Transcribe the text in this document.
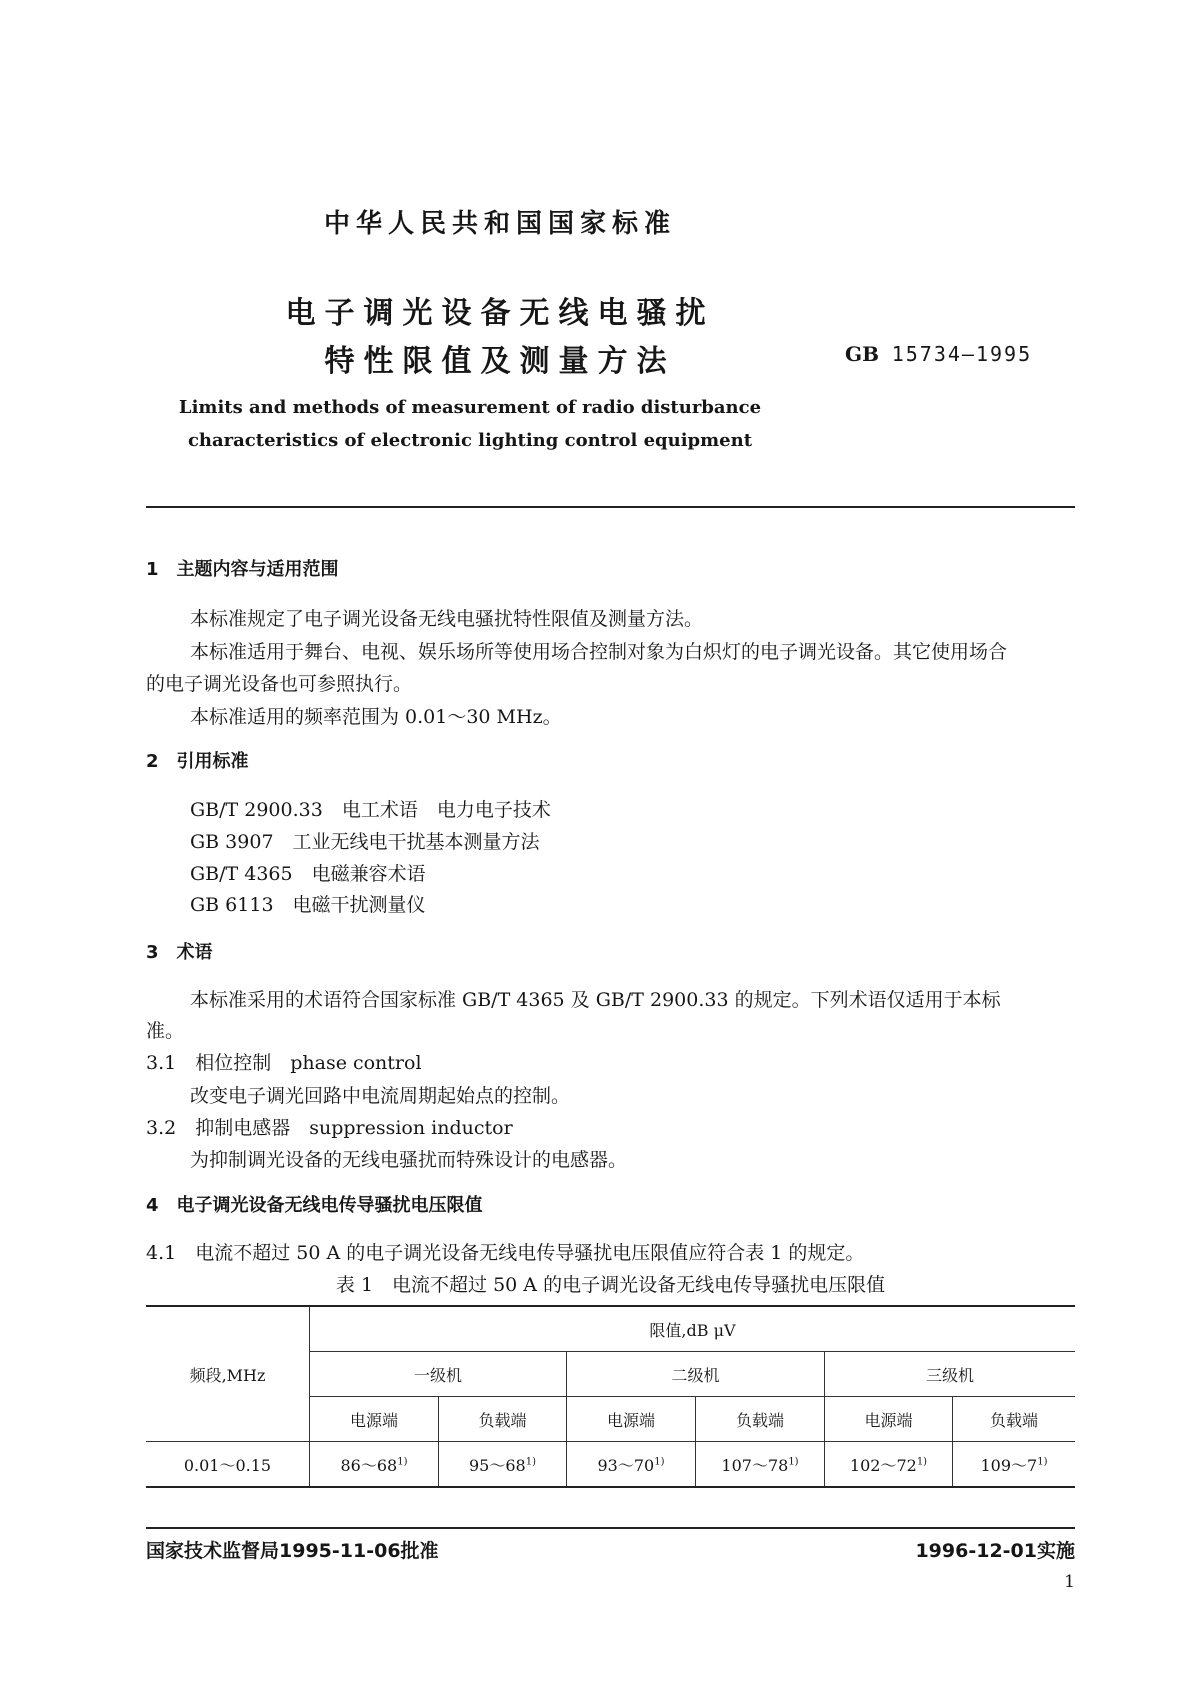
中华人民共和国国家标准
电子调光设备无线电骚扰
特性限值及测量方法	GB 15734—1995
Limits and methods of measurement of radio disturbance
characteristics of electronic lighting control equipment
1　主题内容与适用范围
本标准规定了电子调光设备无线电骚扰特性限值及测量方法。
本标准适用于舞台、电视、娱乐场所等使用场合控制对象为白炽灯的电子调光设备。其它使用场合
的电子调光设备也可参照执行。
本标准适用的频率范围为 0.01～30 MHz。
2　引用标准
GB/T 2900.33　电工术语　电力电子技术
GB 3907　工业无线电干扰基本测量方法
GB/T 4365　电磁兼容术语
GB 6113　电磁干扰测量仪
3　术语
本标准采用的术语符合国家标准 GB/T 4365 及 GB/T 2900.33 的规定。下列术语仅适用于本标
准。
3.1　相位控制　phase control
改变电子调光回路中电流周期起始点的控制。
3.2　抑制电感器　suppression inductor
为抑制调光设备的无线电骚扰而特殊设计的电感器。
4　电子调光设备无线电传导骚扰电压限值
4.1　电流不超过 50 A 的电子调光设备无线电传导骚扰电压限值应符合表 1 的规定。
表 1　电流不超过 50 A 的电子调光设备无线电传导骚扰电压限值
频段,MHz	限值,dB μV					
	一级机		二级机		三级机	
	电源端	负载端	电源端	负载端	电源端	负载端
0.01～0.15	86～68$^{1)}$	95～68$^{1)}$	93～70$^{1)}$	107～78$^{1)}$	102～72$^{1)}$	109～7$^{1)}$
国家技术监督局1995-11-06批准	1996-12-01实施
1
